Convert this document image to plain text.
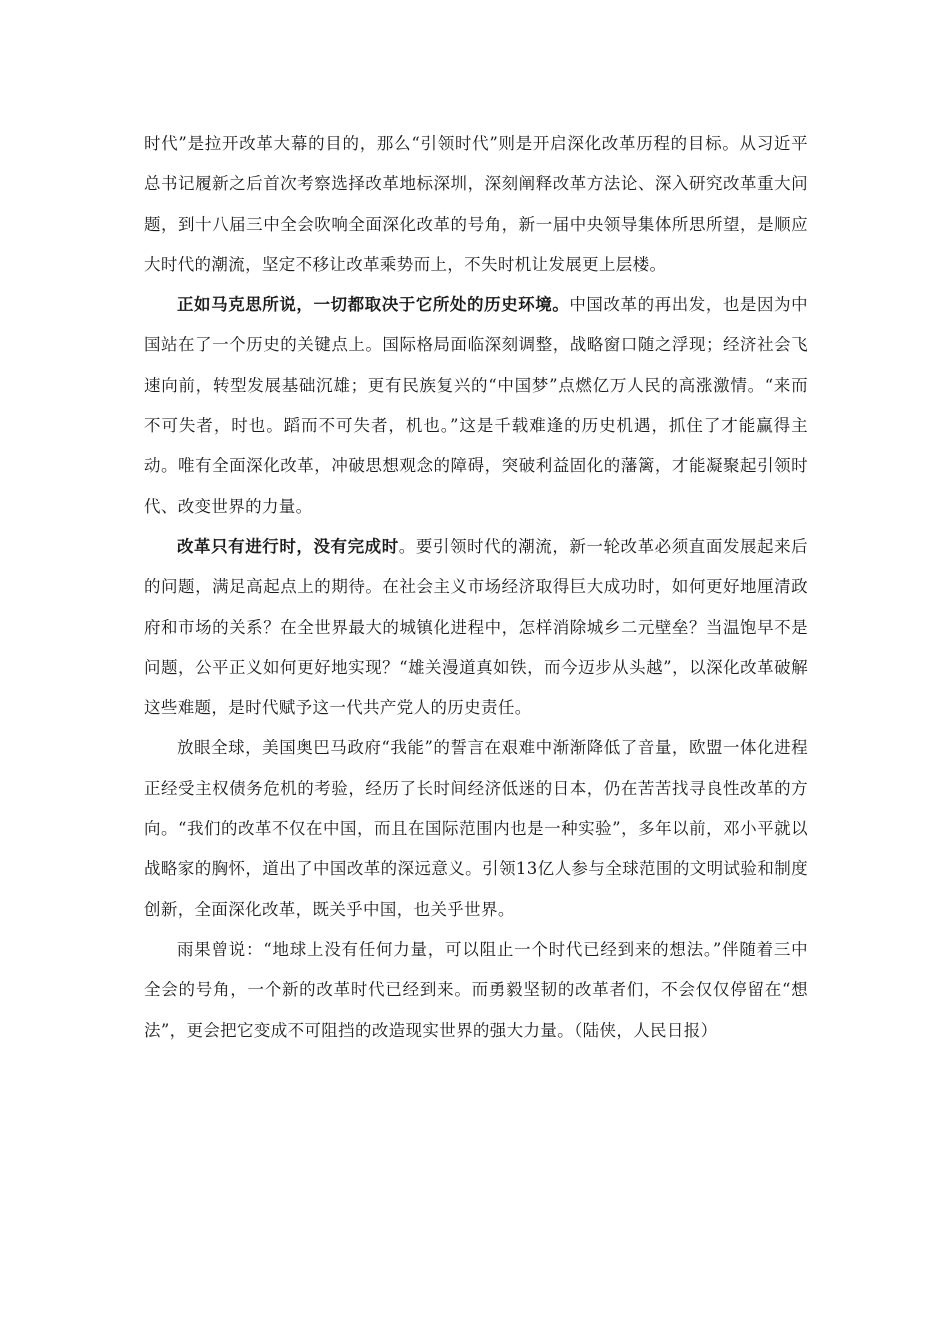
时代”是拉开改革大幕的目的，那么“引领时代”则是开启深化改革历程的目标。从习近平总书记履新之后首次考察选择改革地标深圳，深刻阐释改革方法论、深入研究改革重大问题，到十八届三中全会吹响全面深化改革的号角，新一届中央领导集体所思所望，是顺应大时代的潮流，坚定不移让改革乘势而上，不失时机让发展更上层楼。

正如马克思所说，一切都取决于它所处的历史环境。中国改革的再出发，也是因为中国站在了一个历史的关键点上。国际格局面临深刻调整，战略窗口随之浮现；经济社会飞速向前，转型发展基础沉雄；更有民族复兴的“中国梦”点燃亿万人民的高涨激情。“来而不可失者，时也。蹈而不可失者，机也。”这是千载难逢的历史机遇，抓住了才能赢得主动。唯有全面深化改革，冲破思想观念的障碍，突破利益固化的藩篱，才能凝聚起引领时代、改变世界的力量。

改革只有进行时，没有完成时。要引领时代的潮流，新一轮改革必须直面发展起来后的问题，满足高起点上的期待。在社会主义市场经济取得巨大成功时，如何更好地厘清政府和市场的关系？在全世界最大的城镇化进程中，怎样消除城乡二元壁垒？当温饱早不是问题，公平正义如何更好地实现？“雄关漫道真如铁，而今迈步从头越”，以深化改革破解这些难题，是时代赋予这一代共产党人的历史责任。

放眼全球，美国奥巴马政府“我能”的誓言在艰难中渐渐降低了音量，欧盟一体化进程正经受主权债务危机的考验，经历了长时间经济低迷的日本，仍在苦苦找寻良性改革的方向。“我们的改革不仅在中国，而且在国际范围内也是一种实验”，多年以前，邓小平就以战略家的胸怀，道出了中国改革的深远意义。引领13亿人参与全球范围的文明试验和制度创新，全面深化改革，既关乎中国，也关乎世界。

雨果曾说：“地球上没有任何力量，可以阻止一个时代已经到来的想法。”伴随着三中全会的号角，一个新的改革时代已经到来。而勇毅坚韧的改革者们，不会仅仅停留在“想法”，更会把它变成不可阻挡的改造现实世界的强大力量。（陆侠，人民日报）
